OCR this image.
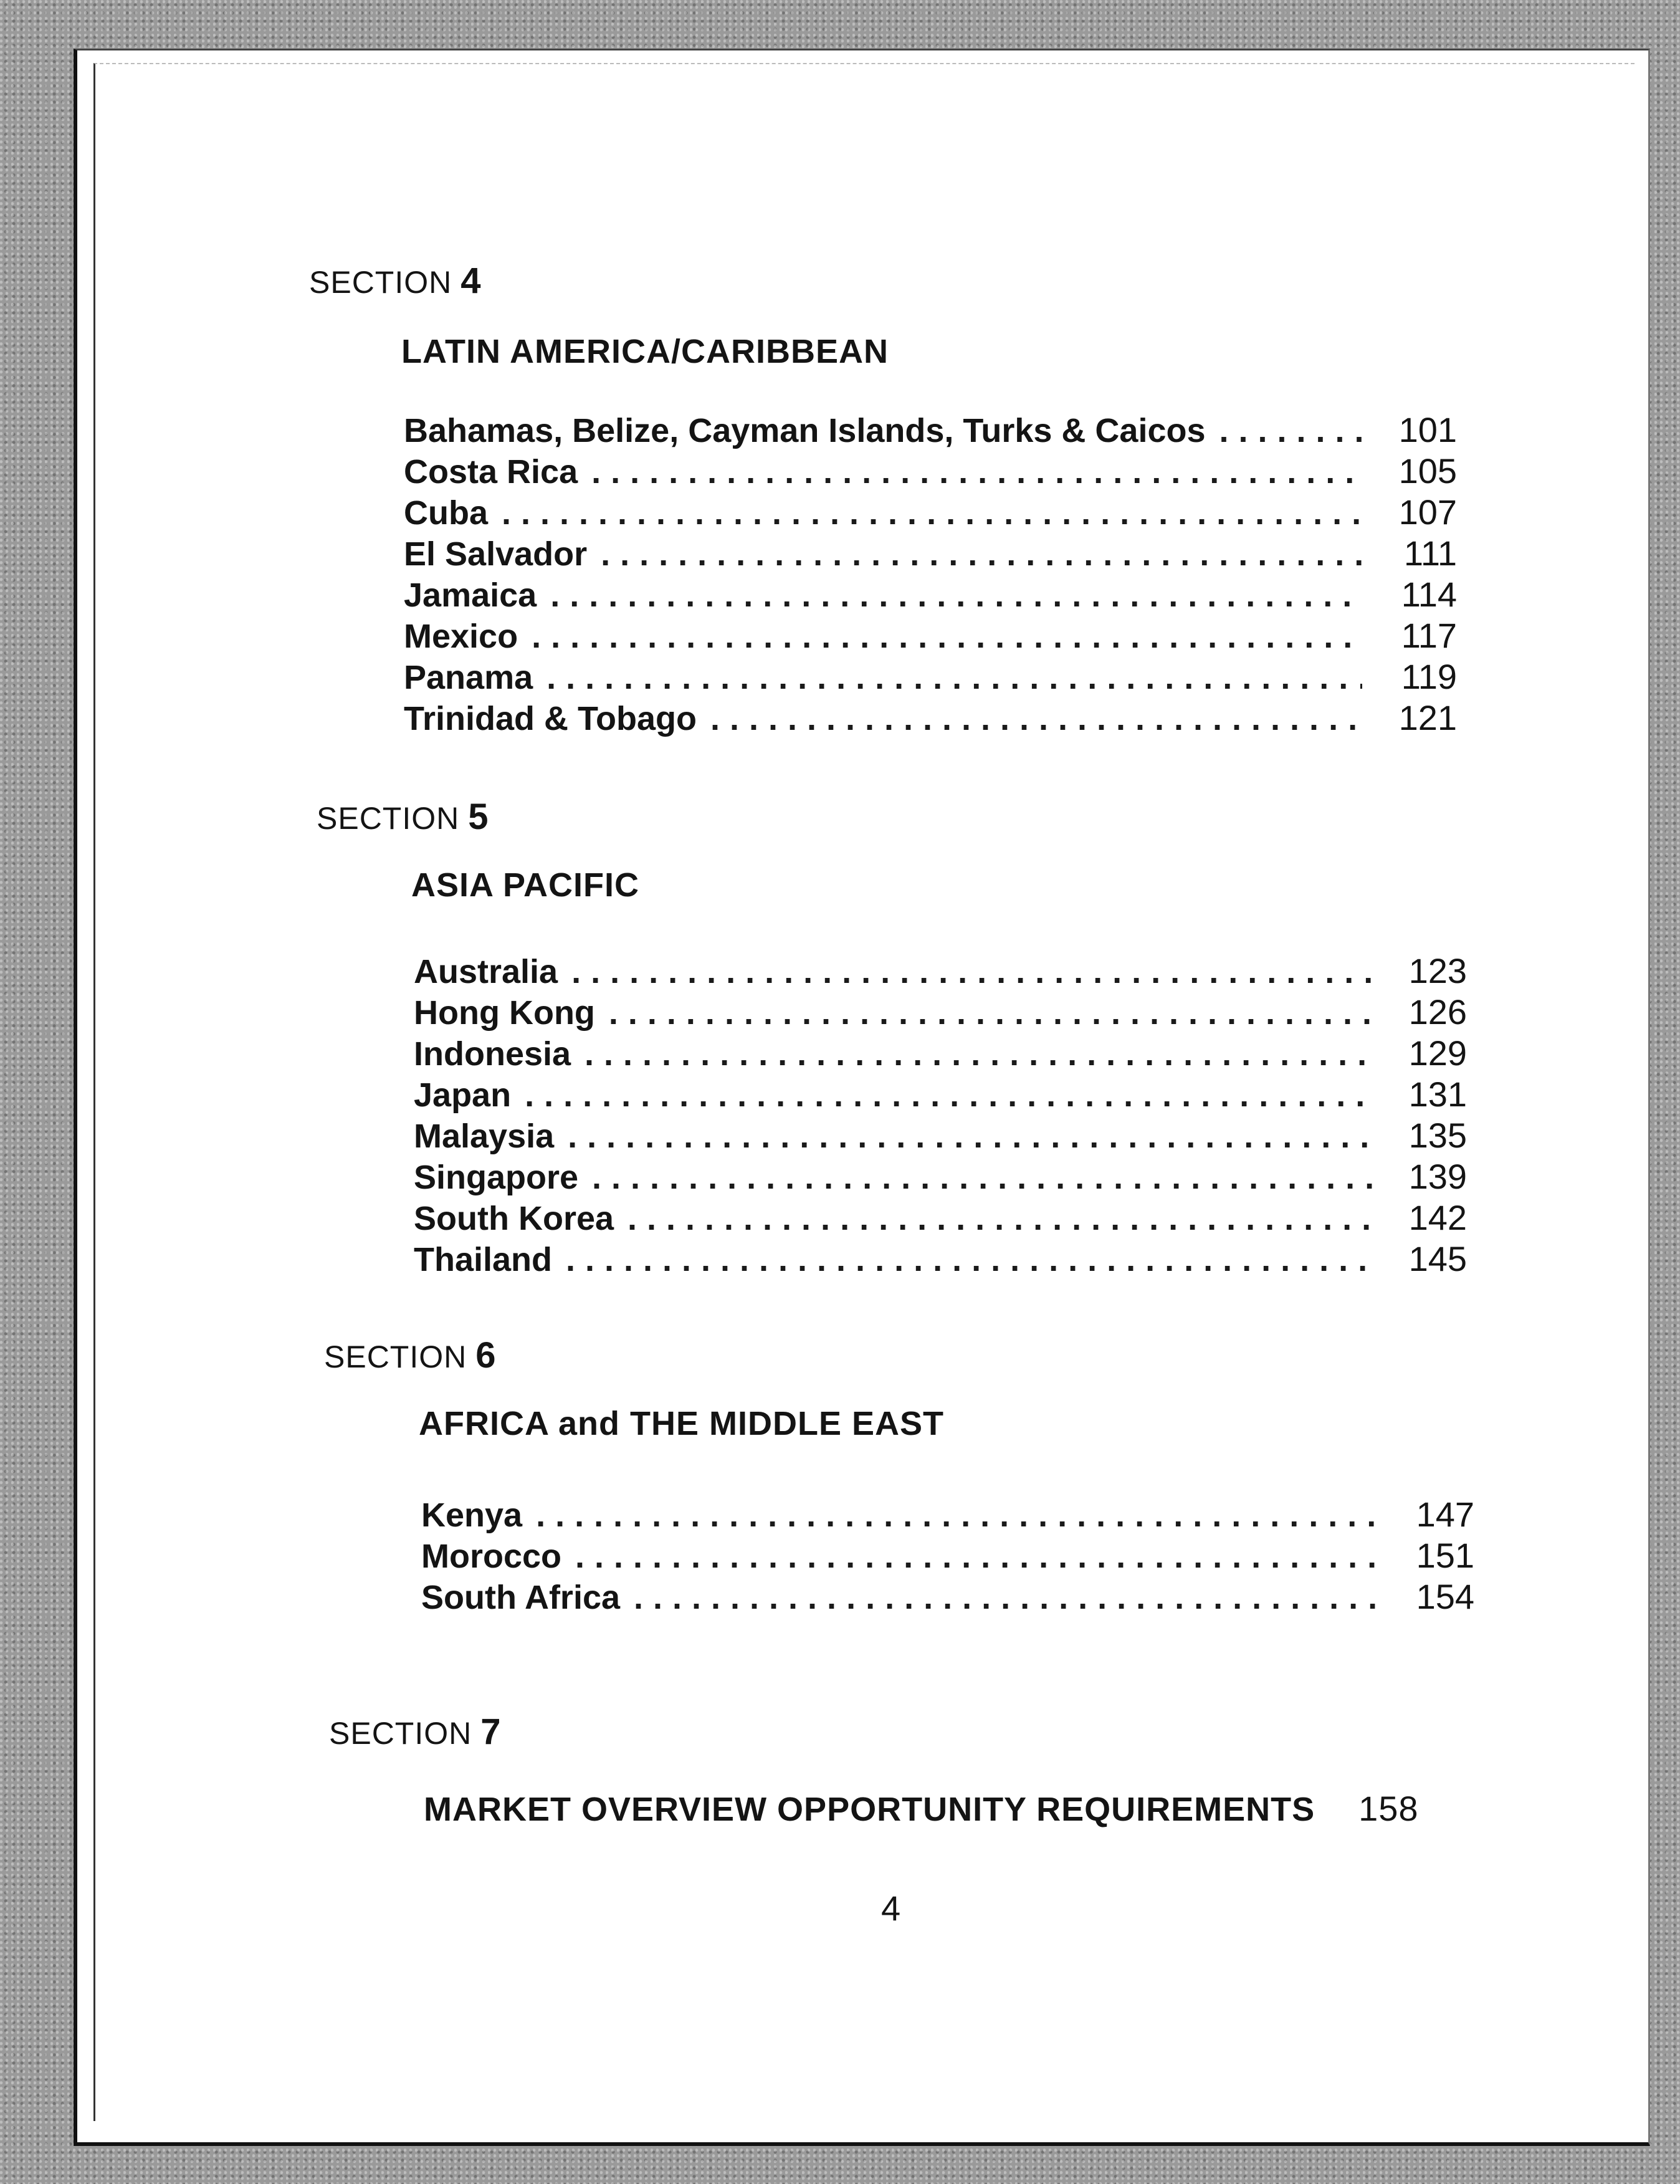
SECTION 4
LATIN AMERICA/CARIBBEAN
Bahamas, Belize, Cayman Islands, Turks & Caicos .....	101
Costa Rica .....	105
Cuba .....	107
El Salvador .....	111
Jamaica .....	114
Mexico .....	117
Panama .....	119
Trinidad & Tobago .....	121
SECTION 5
ASIA PACIFIC
Australia .....	123
Hong Kong .....	126
Indonesia .....	129
Japan .....	131
Malaysia .....	135
Singapore .....	139
South Korea .....	142
Thailand .....	145
SECTION 6
AFRICA and THE MIDDLE EAST
Kenya .....	147
Morocco .....	151
South Africa .....	154
SECTION 7
MARKET OVERVIEW OPPORTUNITY REQUIREMENTS 158
4
